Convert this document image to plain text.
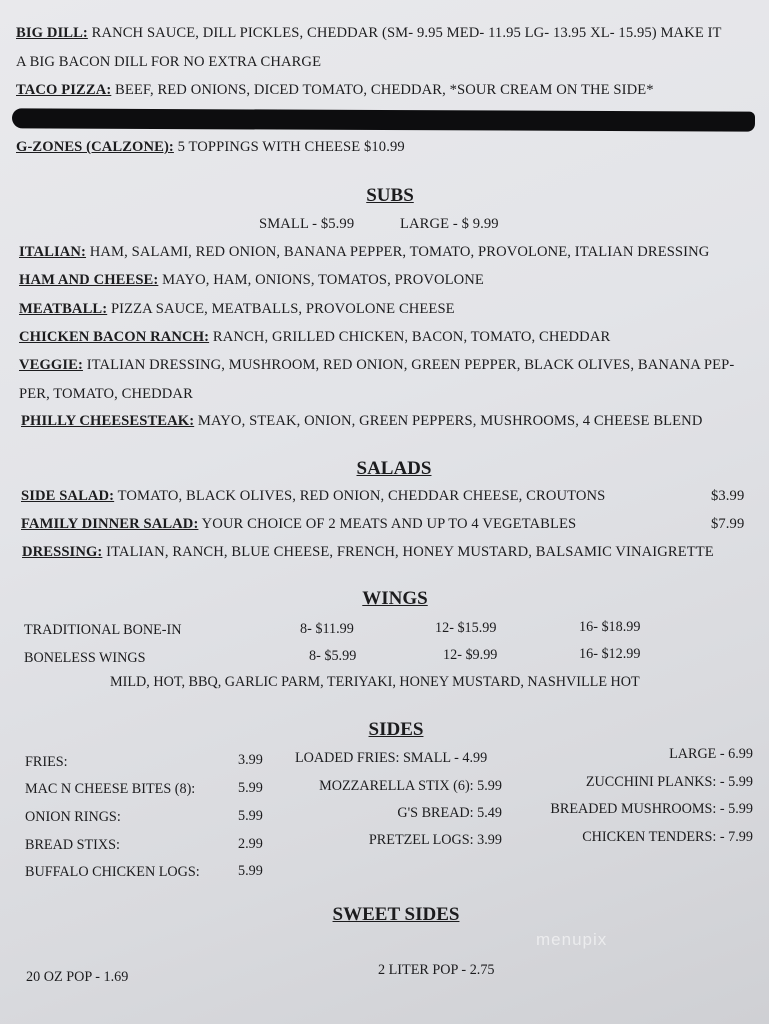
BIG DILL: RANCH SAUCE, DILL PICKLES, CHEDDAR (SM- 9.95 MED- 11.95 LG- 13.95 XL- 15.95) MAKE IT
A BIG BACON DILL FOR NO EXTRA CHARGE
TACO PIZZA: BEEF, RED ONIONS, DICED TOMATO, CHEDDAR, *SOUR CREAM ON THE SIDE*
G-ZONES (CALZONE): 5 TOPPINGS WITH CHEESE $10.99
SUBS
SMALL - $5.99	LARGE - $ 9.99
ITALIAN: HAM, SALAMI, RED ONION, BANANA PEPPER, TOMATO, PROVOLONE, ITALIAN DRESSING
HAM AND CHEESE: MAYO, HAM, ONIONS, TOMATOS, PROVOLONE
MEATBALL: PIZZA SAUCE, MEATBALLS, PROVOLONE CHEESE
CHICKEN BACON RANCH: RANCH, GRILLED CHICKEN, BACON, TOMATO, CHEDDAR
VEGGIE: ITALIAN DRESSING, MUSHROOM, RED ONION, GREEN PEPPER, BLACK OLIVES, BANANA PEP-
PER, TOMATO, CHEDDAR
PHILLY CHEESESTEAK: MAYO, STEAK, ONION, GREEN PEPPERS, MUSHROOMS, 4 CHEESE BLEND
SALADS
SIDE SALAD: TOMATO, BLACK OLIVES, RED ONION, CHEDDAR CHEESE, CROUTONS	$3.99
FAMILY DINNER SALAD: YOUR CHOICE OF 2 MEATS AND UP TO 4 VEGETABLES	$7.99
DRESSING: ITALIAN, RANCH, BLUE CHEESE, FRENCH, HONEY MUSTARD, BALSAMIC VINAIGRETTE
WINGS
TRADITIONAL BONE-IN	8- $11.99	12- $15.99	16- $18.99
BONELESS WINGS	8- $5.99	12- $9.99	16- $12.99
MILD, HOT, BBQ, GARLIC PARM, TERIYAKI, HONEY MUSTARD, NASHVILLE HOT
SIDES
FRIES:	3.99
MAC N CHEESE BITES (8):	5.99
ONION RINGS:	5.99
BREAD STIXS:	2.99
BUFFALO CHICKEN LOGS:	5.99
LOADED FRIES: SMALL - 4.99
MOZZARELLA STIX (6): 5.99
G'S BREAD: 5.49
PRETZEL LOGS: 3.99
LARGE - 6.99
ZUCCHINI PLANKS: - 5.99
BREADED MUSHROOMS: - 5.99
CHICKEN TENDERS: - 7.99
SWEET SIDES
20 OZ POP - 1.69	2 LITER POP - 2.75
menupix
